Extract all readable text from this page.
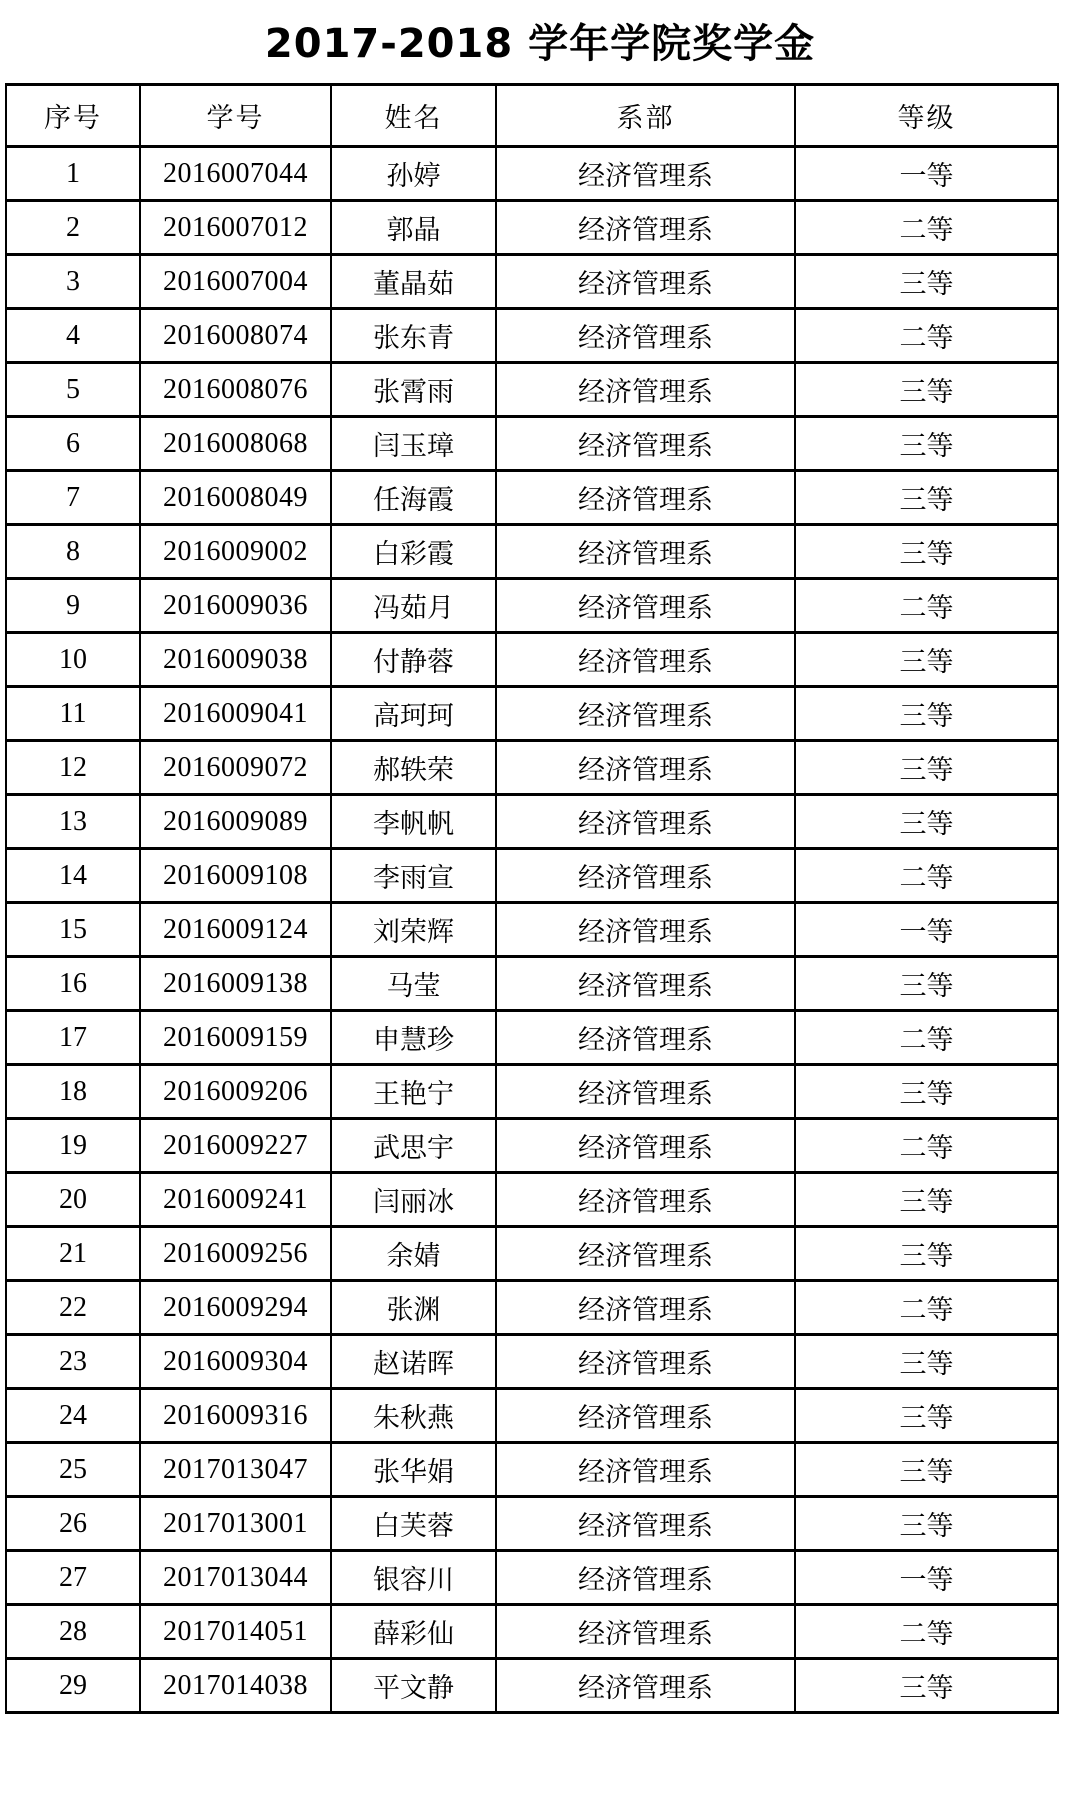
2017-2018 学年学院奖学金
序号	学号	姓名	系部	等级
1	2016007044	孙婷	经济管理系	一等
2	2016007012	郭晶	经济管理系	二等
3	2016007004	董晶茹	经济管理系	三等
4	2016008074	张东青	经济管理系	二等
5	2016008076	张霄雨	经济管理系	三等
6	2016008068	闫玉璋	经济管理系	三等
7	2016008049	任海霞	经济管理系	三等
8	2016009002	白彩霞	经济管理系	三等
9	2016009036	冯茹月	经济管理系	二等
10	2016009038	付静蓉	经济管理系	三等
11	2016009041	高珂珂	经济管理系	三等
12	2016009072	郝轶荣	经济管理系	三等
13	2016009089	李帆帆	经济管理系	三等
14	2016009108	李雨宣	经济管理系	二等
15	2016009124	刘荣辉	经济管理系	一等
16	2016009138	马莹	经济管理系	三等
17	2016009159	申慧珍	经济管理系	二等
18	2016009206	王艳宁	经济管理系	三等
19	2016009227	武思宇	经济管理系	二等
20	2016009241	闫丽冰	经济管理系	三等
21	2016009256	余婧	经济管理系	三等
22	2016009294	张渊	经济管理系	二等
23	2016009304	赵诺晖	经济管理系	三等
24	2016009316	朱秋燕	经济管理系	三等
25	2017013047	张华娟	经济管理系	三等
26	2017013001	白芙蓉	经济管理系	三等
27	2017013044	银容川	经济管理系	一等
28	2017014051	薛彩仙	经济管理系	二等
29	2017014038	平文静	经济管理系	三等
